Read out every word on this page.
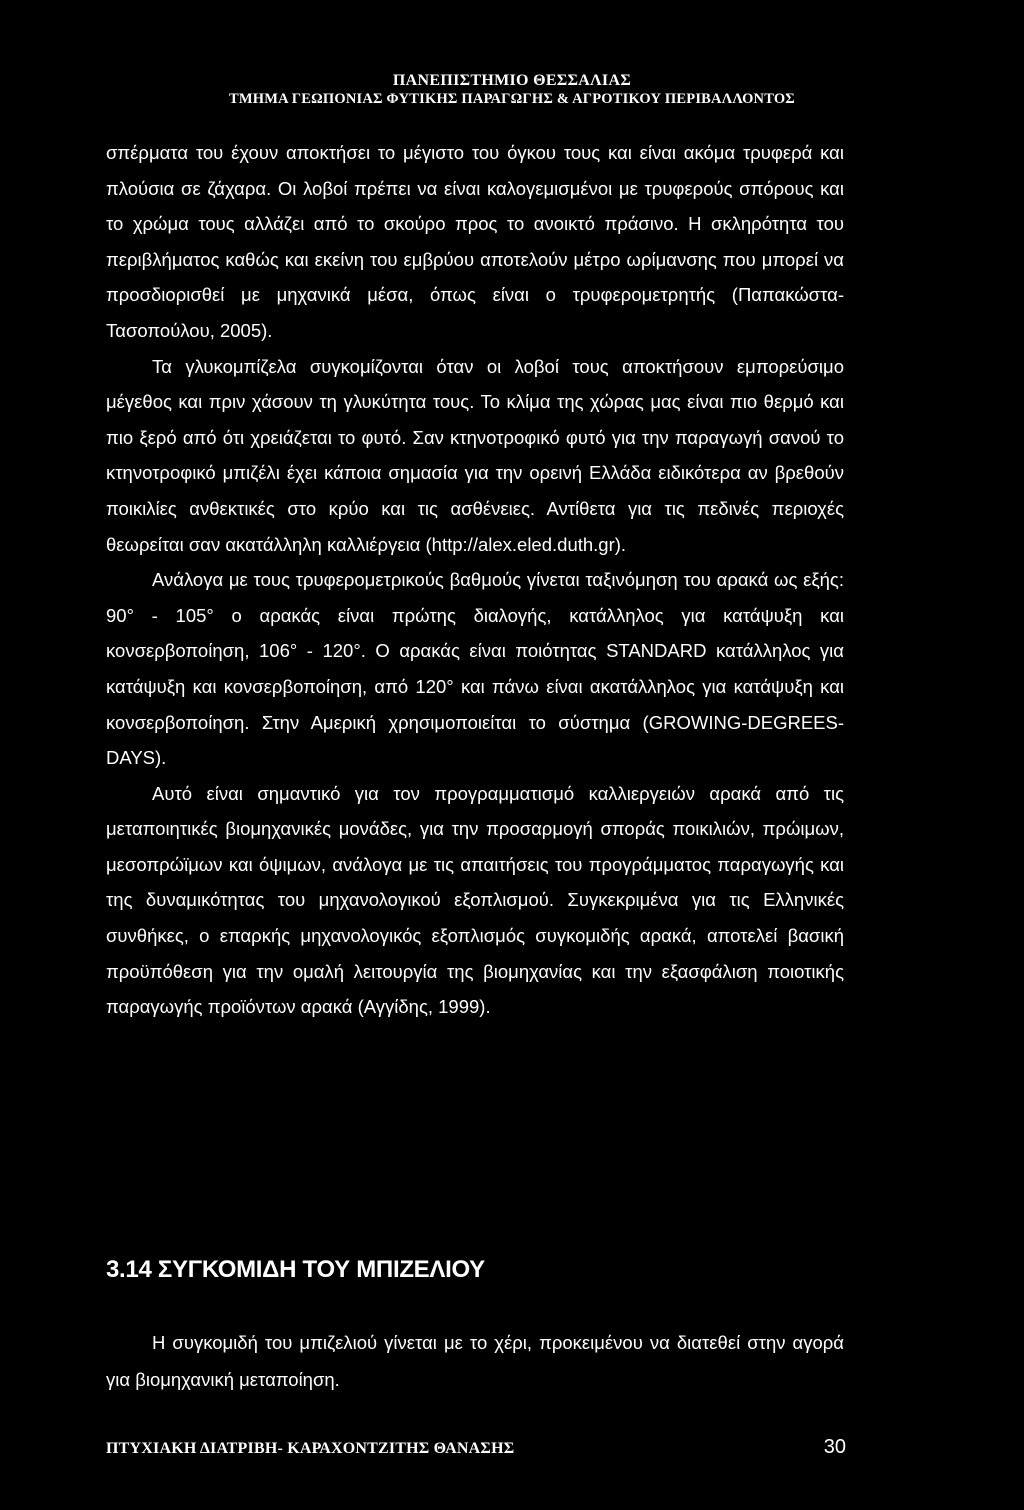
ΠΑΝΕΠΙΣΤΗΜΙΟ ΘΕΣΣΑΛΙΑΣ
ΤΜΗΜΑ ΓΕΩΠΟΝΙΑΣ ΦΥΤΙΚΗΣ ΠΑΡΑΓΩΓΗΣ & ΑΓΡΟΤΙΚΟΥ ΠΕΡΙΒΑΛΛΟΝΤΟΣ

σπέρματα του έχουν αποκτήσει το μέγιστο του όγκου τους και είναι ακόμα τρυφερά και πλούσια σε ζάχαρα. Οι λοβοί πρέπει να είναι καλογεμισμένοι με τρυφερούς σπόρους και το χρώμα τους αλλάζει από το σκούρο προς το ανοικτό πράσινο. Η σκληρότητα του περιβλήματος καθώς και εκείνη του εμβρύου αποτελούν μέτρο ωρίμανσης που μπορεί να προσδιορισθεί με μηχανικά μέσα, όπως είναι ο τρυφερομετρητής (Παπακώστα-Τασοπούλου, 2005).

Τα γλυκομπίζελα συγκομίζονται όταν οι λοβοί τους αποκτήσουν εμπορεύσιμο μέγεθος και πριν χάσουν τη γλυκύτητα τους. Το κλίμα της χώρας μας είναι πιο θερμό και πιο ξερό από ότι χρειάζεται το φυτό. Σαν κτηνοτροφικό φυτό για την παραγωγή σανού το κτηνοτροφικό μπιζέλι έχει κάποια σημασία για την ορεινή Ελλάδα ειδικότερα αν βρεθούν ποικιλίες ανθεκτικές στο κρύο και τις ασθένειες. Αντίθετα για τις πεδινές περιοχές θεωρείται σαν ακατάλληλη καλλιέργεια (http://alex.eled.duth.gr).

Ανάλογα με τους τρυφερομετρικούς βαθμούς γίνεται ταξινόμηση του αρακά ως εξής: 90° - 105° ο αρακάς είναι πρώτης διαλογής, κατάλληλος για κατάψυξη και κονσερβοποίηση, 106° - 120°. Ο αρακάς είναι ποιότητας STANDARD κατάλληλος για κατάψυξη και κονσερβοποίηση, από 120° και πάνω είναι ακατάλληλος για κατάψυξη και κονσερβοποίηση. Στην Αμερική χρησιμοποιείται το σύστημα (GROWING-DEGREES-DAYS).

Αυτό είναι σημαντικό για τον προγραμματισμό καλλιεργειών αρακά από τις μεταποιητικές βιομηχανικές μονάδες, για την προσαρμογή σποράς ποικιλιών, πρώιμων, μεσοπρώϊμων και όψιμων, ανάλογα με τις απαιτήσεις του προγράμματος παραγωγής και της δυναμικότητας του μηχανολογικού εξοπλισμού. Συγκεκριμένα για τις Ελληνικές συνθήκες, ο επαρκής μηχανολογικός εξοπλισμός συγκομιδής αρακά, αποτελεί βασική προϋπόθεση για την ομαλή λειτουργία της βιομηχανίας και την εξασφάλιση ποιοτικής παραγωγής προϊόντων αρακά (Αγγίδης, 1999).

3.14 ΣΥΓΚΟΜΙΔΗ ΤΟΥ ΜΠΙΖΕΛΙΟΥ

Η συγκομιδή του μπιζελιού γίνεται με το χέρι, προκειμένου να διατεθεί στην αγορά για βιομηχανική μεταποίηση.

ΠΤΥΧΙΑΚΗ ΔΙΑΤΡΙΒΗ- ΚΑΡΑΧΟΝΤΖΙΤΗΣ ΘΑΝΑΣΗΣ	30
